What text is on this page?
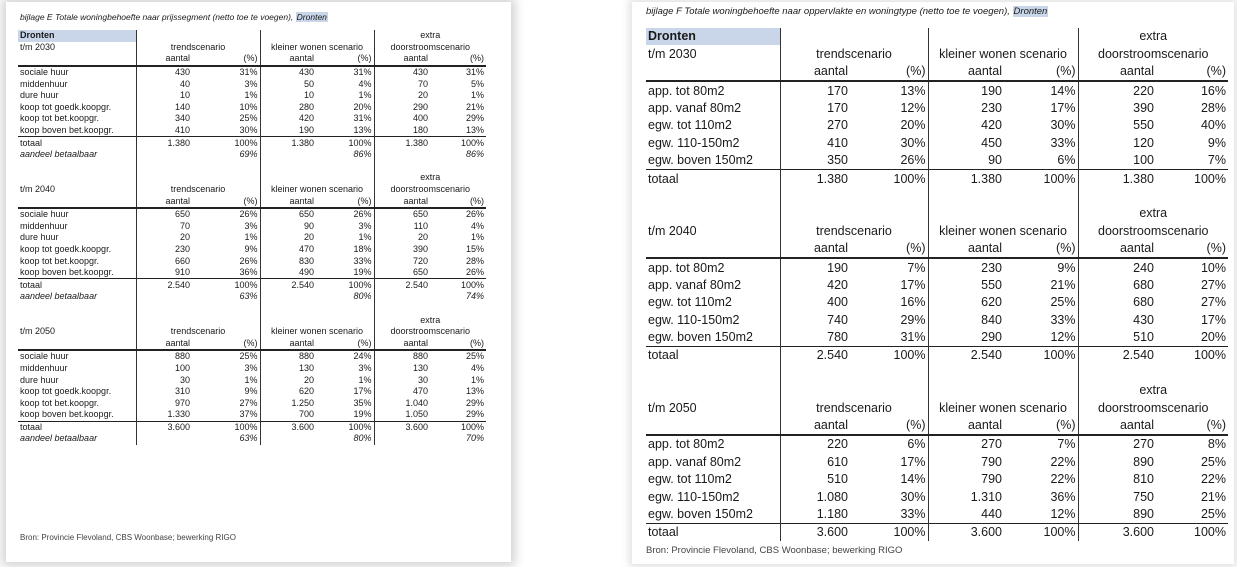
bijlage E Totale woningbehoefte naar prijssegment (netto toe te voegen), Dronten
Dronten					extra	
t/m 2030	trendscenario		kleiner wonen scenario		doorstroomscenario	
	aantal	(%)	aantal	(%)	aantal	(%)
sociale huur	430	31%	430	31%	430	31%
middenhuur	40	3%	50	4%	70	5%
dure huur	10	1%	10	1%	20	1%
koop tot goedk.koopgr.	140	10%	280	20%	290	21%
koop tot bet.koopgr.	340	25%	420	31%	400	29%
koop boven bet.koopgr.	410	30%	190	13%	180	13%
totaal	1.380	100%	1.380	100%	1.380	100%
aandeel betaalbaar		69%		86%		86%

					extra	
t/m 2040	trendscenario		kleiner wonen scenario		doorstroomscenario	
	aantal	(%)	aantal	(%)	aantal	(%)
sociale huur	650	26%	650	26%	650	26%
middenhuur	70	3%	90	3%	110	4%
dure huur	20	1%	20	1%	20	1%
koop tot goedk.koopgr.	230	9%	470	18%	390	15%
koop tot bet.koopgr.	660	26%	830	33%	720	28%
koop boven bet.koopgr.	910	36%	490	19%	650	26%
totaal	2.540	100%	2.540	100%	2.540	100%
aandeel betaalbaar		63%		80%		74%

					extra	
t/m 2050	trendscenario		kleiner wonen scenario		doorstroomscenario	
	aantal	(%)	aantal	(%)	aantal	(%)
sociale huur	880	25%	880	24%	880	25%
middenhuur	100	3%	130	3%	130	4%
dure huur	30	1%	20	1%	30	1%
koop tot goedk.koopgr.	310	9%	620	17%	470	13%
koop tot bet.koopgr.	970	27%	1.250	35%	1.040	29%
koop boven bet.koopgr.	1.330	37%	700	19%	1.050	29%
totaal	3.600	100%	3.600	100%	3.600	100%
aandeel betaalbaar		63%		80%		70%
Bron: Provincie Flevoland, CBS Woonbase; bewerking RIGO
bijlage F Totale woningbehoefte naar oppervlakte en woningtype (netto toe te voegen), Dronten
Dronten					extra	
t/m 2030	trendscenario		kleiner wonen scenario		doorstroomscenario	
	aantal	(%)	aantal	(%)	aantal	(%)
app. tot 80m2	170	13%	190	14%	220	16%
app. vanaf 80m2	170	12%	230	17%	390	28%
egw. tot 110m2	270	20%	420	30%	550	40%
egw. 110-150m2	410	30%	450	33%	120	9%
egw. boven 150m2	350	26%	90	6%	100	7%
totaal	1.380	100%	1.380	100%	1.380	100%

					extra	
t/m 2040	trendscenario		kleiner wonen scenario		doorstroomscenario	
	aantal	(%)	aantal	(%)	aantal	(%)
app. tot 80m2	190	7%	230	9%	240	10%
app. vanaf 80m2	420	17%	550	21%	680	27%
egw. tot 110m2	400	16%	620	25%	680	27%
egw. 110-150m2	740	29%	840	33%	430	17%
egw. boven 150m2	780	31%	290	12%	510	20%
totaal	2.540	100%	2.540	100%	2.540	100%

					extra	
t/m 2050	trendscenario		kleiner wonen scenario		doorstroomscenario	
	aantal	(%)	aantal	(%)	aantal	(%)
app. tot 80m2	220	6%	270	7%	270	8%
app. vanaf 80m2	610	17%	790	22%	890	25%
egw. tot 110m2	510	14%	790	22%	810	22%
egw. 110-150m2	1.080	30%	1.310	36%	750	21%
egw. boven 150m2	1.180	33%	440	12%	890	25%
totaal	3.600	100%	3.600	100%	3.600	100%
Bron: Provincie Flevoland, CBS Woonbase; bewerking RIGO
